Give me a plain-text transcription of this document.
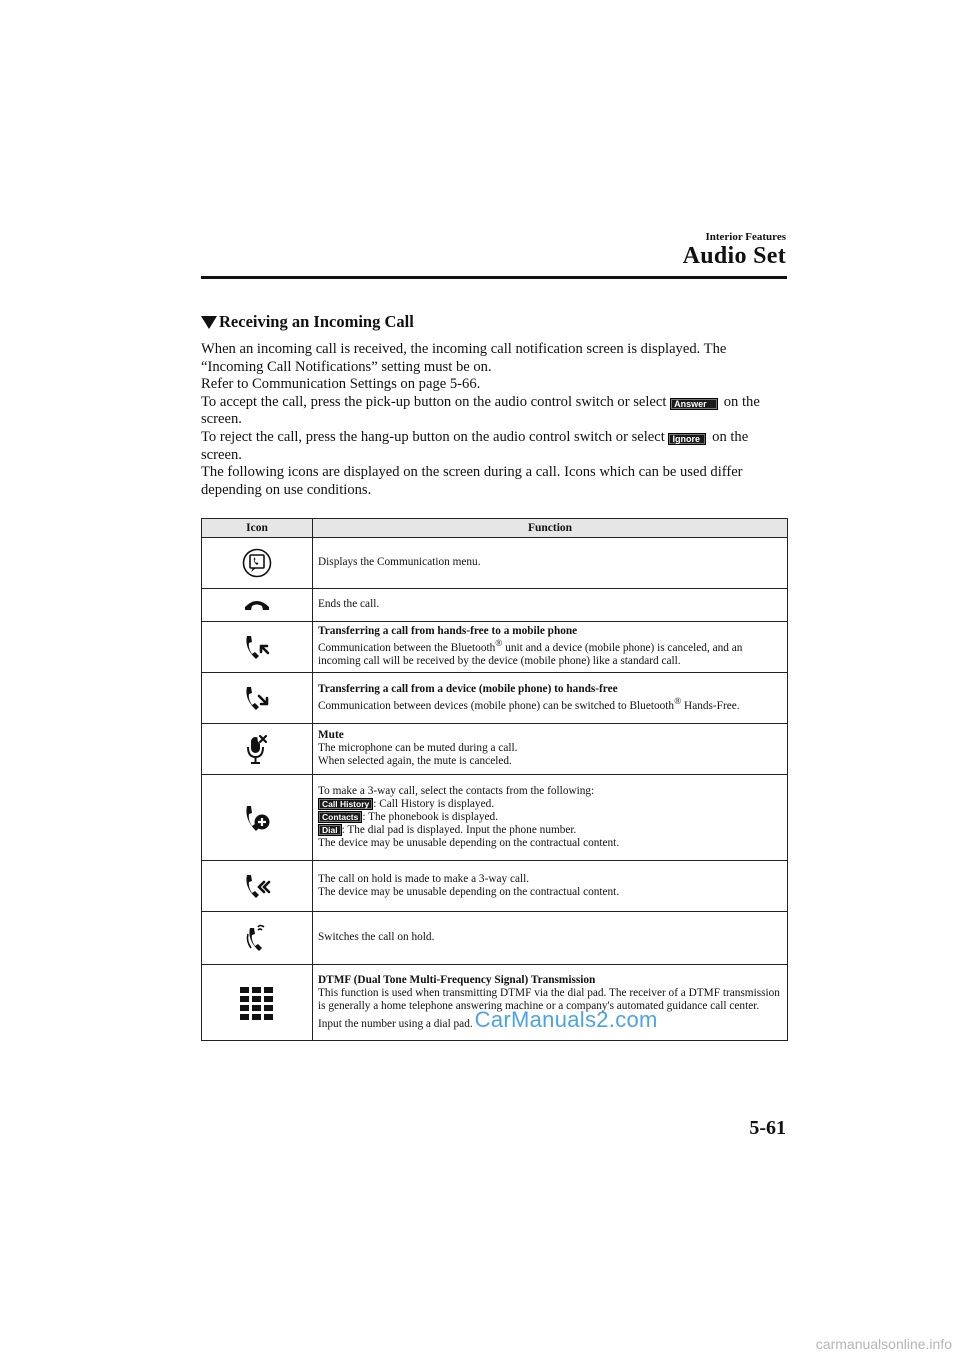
Interior Features
Audio Set
Receiving an Incoming Call

When an incoming call is received, the incoming call notification screen is displayed. The “Incoming Call Notifications” setting must be on.

Refer to Communication Settings on page 5-66.

To accept the call, press the pick-up button on the audio control switch or select Answer on the screen.

To reject the call, press the hang-up button on the audio control switch or select Ignore on the screen.

The following icons are displayed on the screen during a call. Icons which can be used differ depending on use conditions.

Icon	Function

	Displays the Communication menu.

	Ends the call.

Transferring a call from hands-free to a mobile phone
Communication between the Bluetooth® unit and a device (mobile phone) is canceled, and an incoming call will be received by the device (mobile phone) like a standard call.

Transferring a call from a device (mobile phone) to hands-free
Communication between devices (mobile phone) can be switched to Bluetooth® Hands-Free.

Mute
The microphone can be muted during a call.
When selected again, the mute is canceled.

To make a 3-way call, select the contacts from the following:
Call History : Call History is displayed.
Contacts : The phonebook is displayed.
Dial : The dial pad is displayed. Input the phone number.
The device may be unusable depending on the contractual content.

The call on hold is made to make a 3-way call.
The device may be unusable depending on the contractual content.

	Switches the call on hold.

DTMF (Dual Tone Multi-Frequency Signal) Transmission
This function is used when transmitting DTMF via the dial pad. The receiver of a DTMF transmission is generally a home telephone answering machine or a company's automated guidance call center.
Input the number using a dial pad.CarManuals2.com
5-61
carmanualsonline.info
